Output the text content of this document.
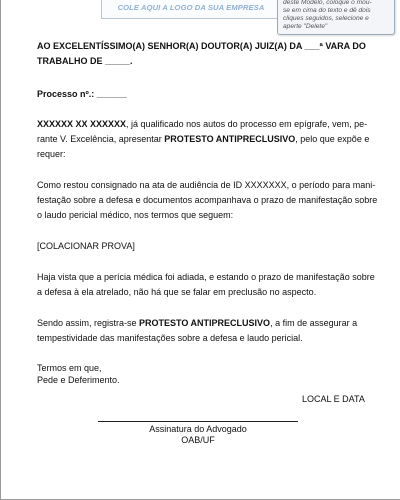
COLE AQUI A LOGO DA SUA EMPRESA
deste Modelo, coloque o mou-
se em cima do texto e dê dois
cliques seguidos, selecione e
aperte "Delete"
AO EXCELENTÍSSIMO(A) SENHOR(A) DOUTOR(A) JUIZ(A) DA ___ª VARA DO
TRABALHO DE _____.
Processo nº.: ______
XXXXXX XX XXXXXX, já qualificado nos autos do processo em epígrafe, vem, pe-
rante V. Excelência, apresentar PROTESTO ANTIPRECLUSIVO, pelo que expõe e
requer:
Como restou consignado na ata de audiência de ID XXXXXXX, o período para mani-
festação sobre a defesa e documentos acompanhava o prazo de manifestação sobre
o laudo pericial médico, nos termos que seguem:
[COLACIONAR PROVA]
Haja vista que a perícia médica foi adiada, e estando o prazo de manifestação sobre
a defesa à ela atrelado, não há que se falar em preclusão no aspecto.
Sendo assim, registra-se PROTESTO ANTIPRECLUSIVO, a fim de assegurar a
tempestividade das manifestações sobre a defesa e laudo pericial.
Termos em que,
Pede e Deferimento.
LOCAL E DATA
Assinatura do Advogado
OAB/UF
